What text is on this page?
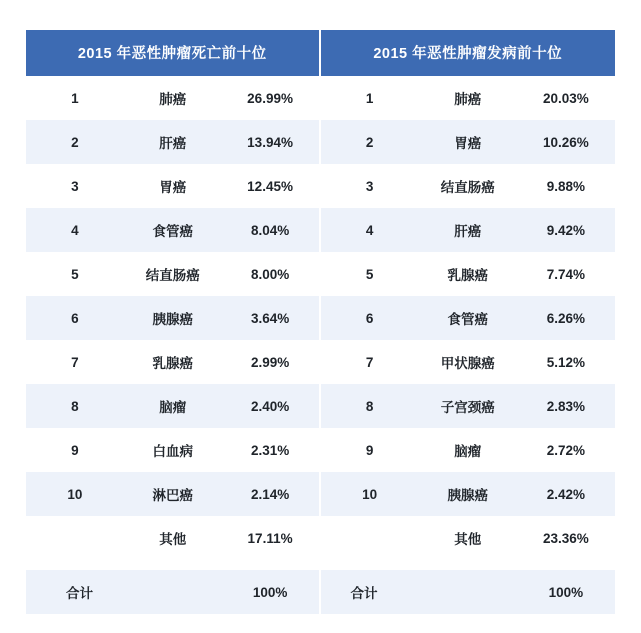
2015 年恶性肿瘤死亡前十位		
1	肺癌	26.99%
2	肝癌	13.94%
3	胃癌	12.45%
4	食管癌	8.04%
5	结直肠癌	8.00%
6	胰腺癌	3.64%
7	乳腺癌	2.99%
8	脑瘤	2.40%
9	白血病	2.31%
10	淋巴癌	2.14%
	其他	17.11%

合计		100%
2015 年恶性肿瘤发病前十位		
1	肺癌	20.03%
2	胃癌	10.26%
3	结直肠癌	9.88%
4	肝癌	9.42%
5	乳腺癌	7.74%
6	食管癌	6.26%
7	甲状腺癌	5.12%
8	子宫颈癌	2.83%
9	脑瘤	2.72%
10	胰腺癌	2.42%
	其他	23.36%

合计		100%
